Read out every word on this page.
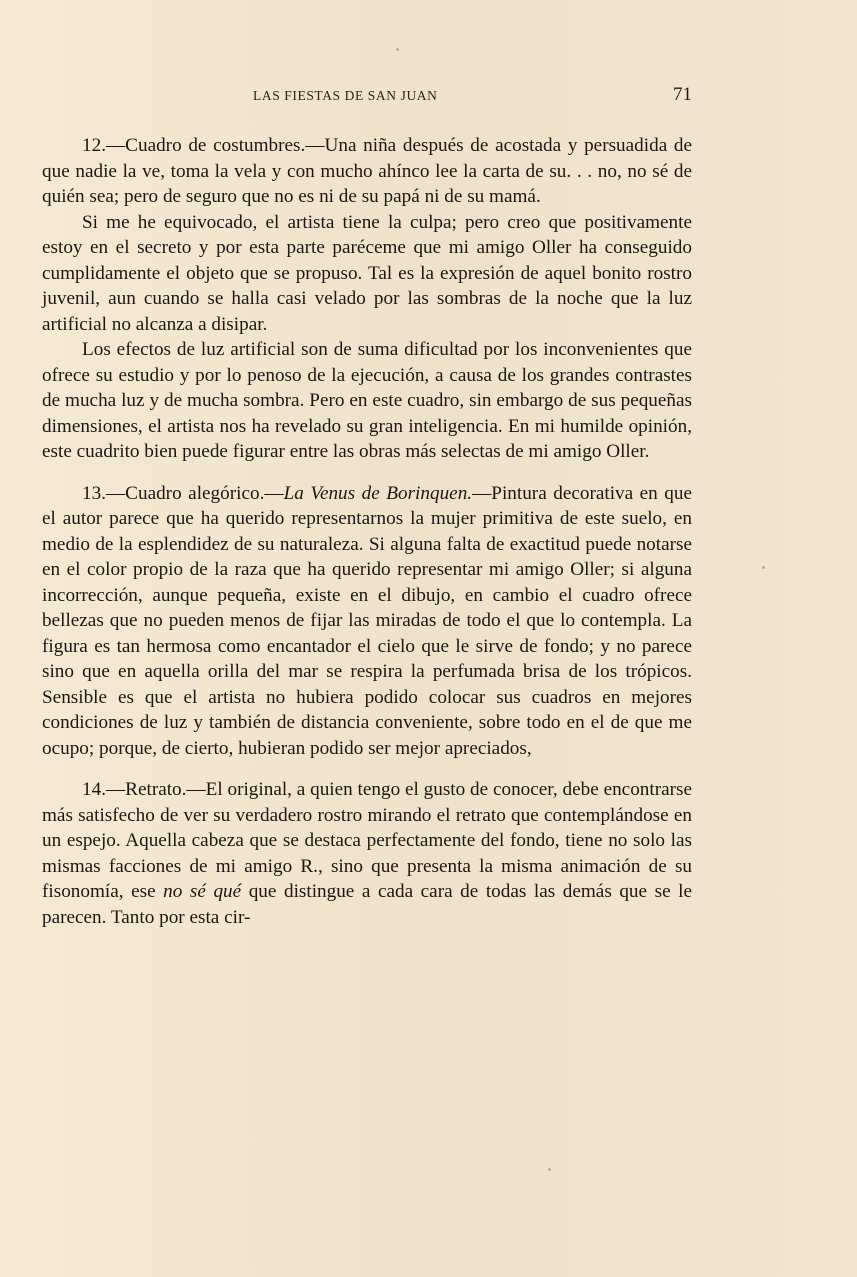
LAS FIESTAS DE SAN JUAN	71

12.—Cuadro de costumbres.—Una niña después de acostada y persuadida de que nadie la ve, toma la vela y con mucho ahínco lee la carta de su. . . no, no sé de quién sea; pero de seguro que no es ni de su papá ni de su mamá.

Si me he equivocado, el artista tiene la culpa; pero creo que positivamente estoy en el secreto y por esta parte paréceme que mi amigo Oller ha conseguido cumplidamente el objeto que se propuso. Tal es la expresión de aquel bonito rostro juvenil, aun cuando se halla casi velado por las sombras de la noche que la luz artificial no alcanza a disipar.

Los efectos de luz artificial son de suma dificultad por los inconvenientes que ofrece su estudio y por lo penoso de la ejecución, a causa de los grandes contrastes de mucha luz y de mucha sombra. Pero en este cuadro, sin embargo de sus pequeñas dimensiones, el artista nos ha revelado su gran inteligencia. En mi humilde opinión, este cuadrito bien puede figurar entre las obras más selectas de mi amigo Oller.

13.—Cuadro alegórico.—La Venus de Borinquen.—Pintura decorativa en que el autor parece que ha querido representarnos la mujer primitiva de este suelo, en medio de la esplendidez de su naturaleza. Si alguna falta de exactitud puede notarse en el color propio de la raza que ha querido representar mi amigo Oller; si alguna incorrección, aunque pequeña, existe en el dibujo, en cambio el cuadro ofrece bellezas que no pueden menos de fijar las miradas de todo el que lo contempla. La figura es tan hermosa como encantador el cielo que le sirve de fondo; y no parece sino que en aquella orilla del mar se respira la perfumada brisa de los trópicos. Sensible es que el artista no hubiera podido colocar sus cuadros en mejores condiciones de luz y también de distancia conveniente, sobre todo en el de que me ocupo; porque, de cierto, hubieran podido ser mejor apreciados,

14.—Retrato.—El original, a quien tengo el gusto de conocer, debe encontrarse más satisfecho de ver su verdadero rostro mirando el retrato que contemplándose en un espejo. Aquella cabeza que se destaca perfectamente del fondo, tiene no solo las mismas facciones de mi amigo R., sino que presenta la misma animación de su fisonomía, ese no sé qué que distingue a cada cara de todas las demás que se le parecen. Tanto por esta cir-
